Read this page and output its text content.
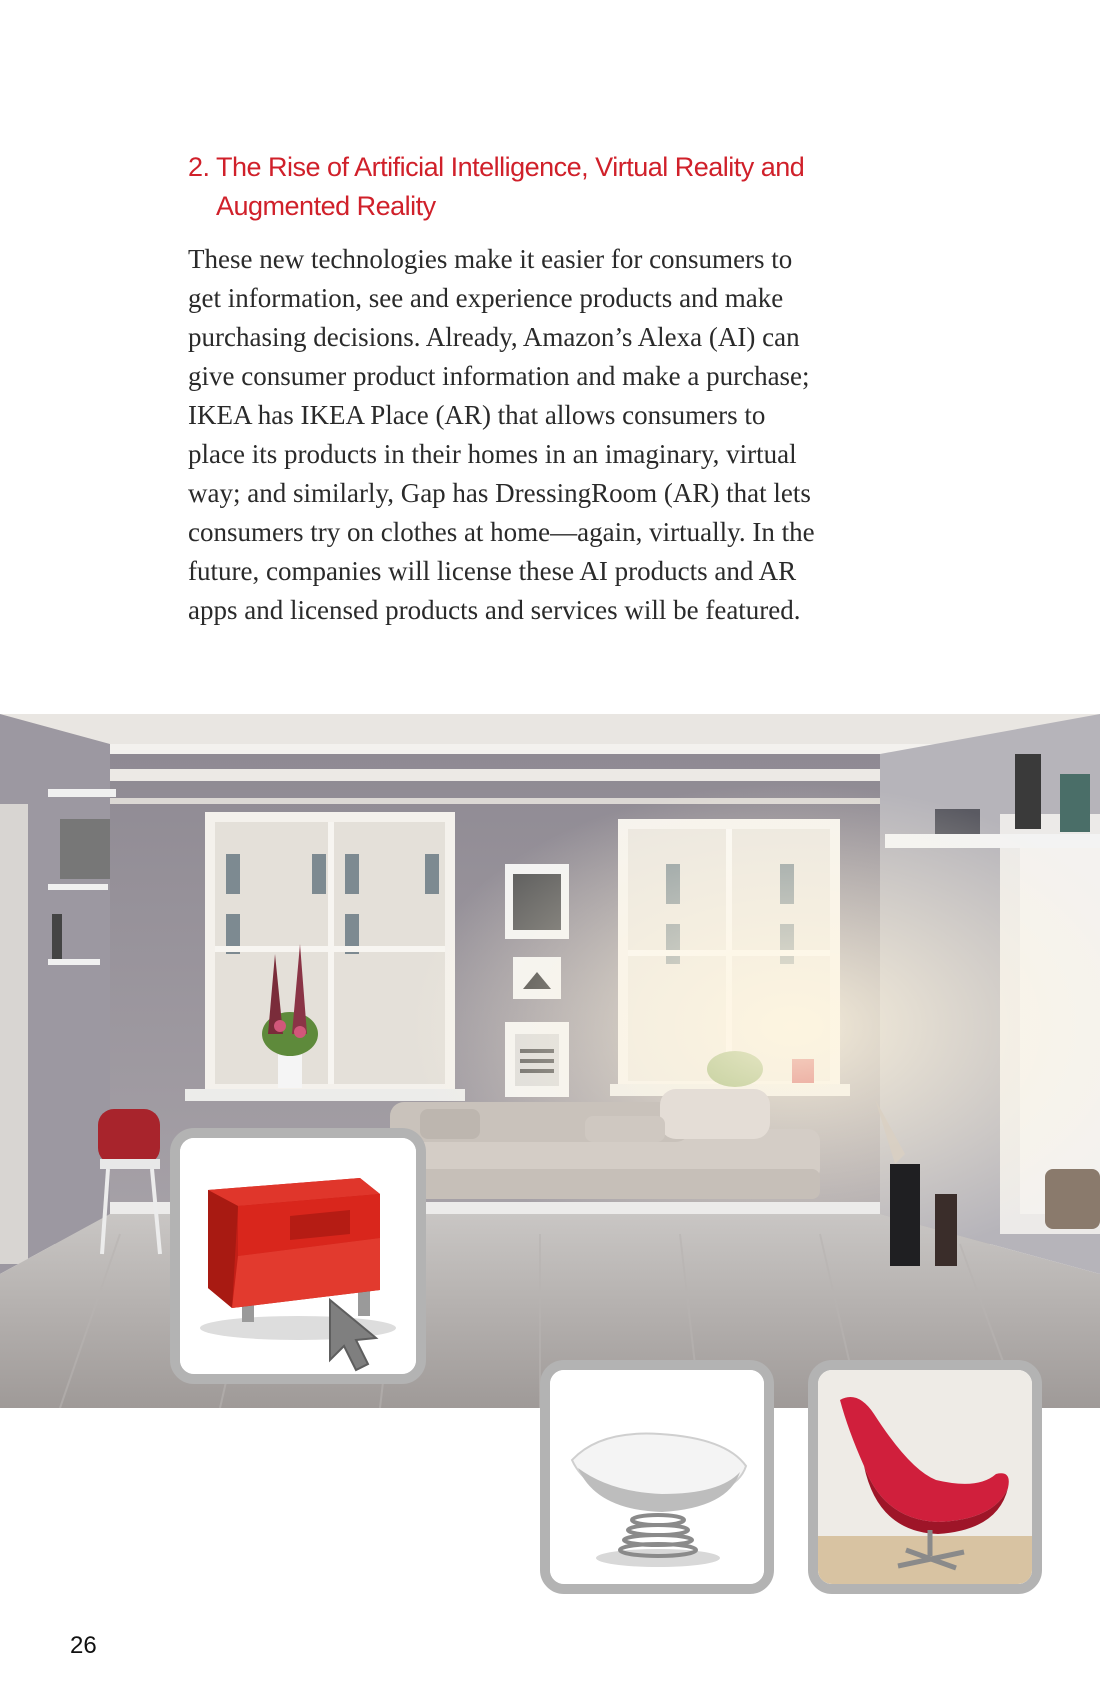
2. The Rise of Artificial Intelligence, Virtual Reality and
Augmented Reality
These new technologies make it easier for consumers to
get information, see and experience products and make
purchasing decisions. Already, Amazon’s Alexa (AI) can
give consumer product information and make a purchase;
IKEA has IKEA Place (AR) that allows consumers to
place its products in their homes in an imaginary, virtual
way; and similarly, Gap has DressingRoom (AR) that lets
consumers try on clothes at home—again, virtually. In the
future, companies will license these AI products and AR
apps and licensed products and services will be featured.
26
